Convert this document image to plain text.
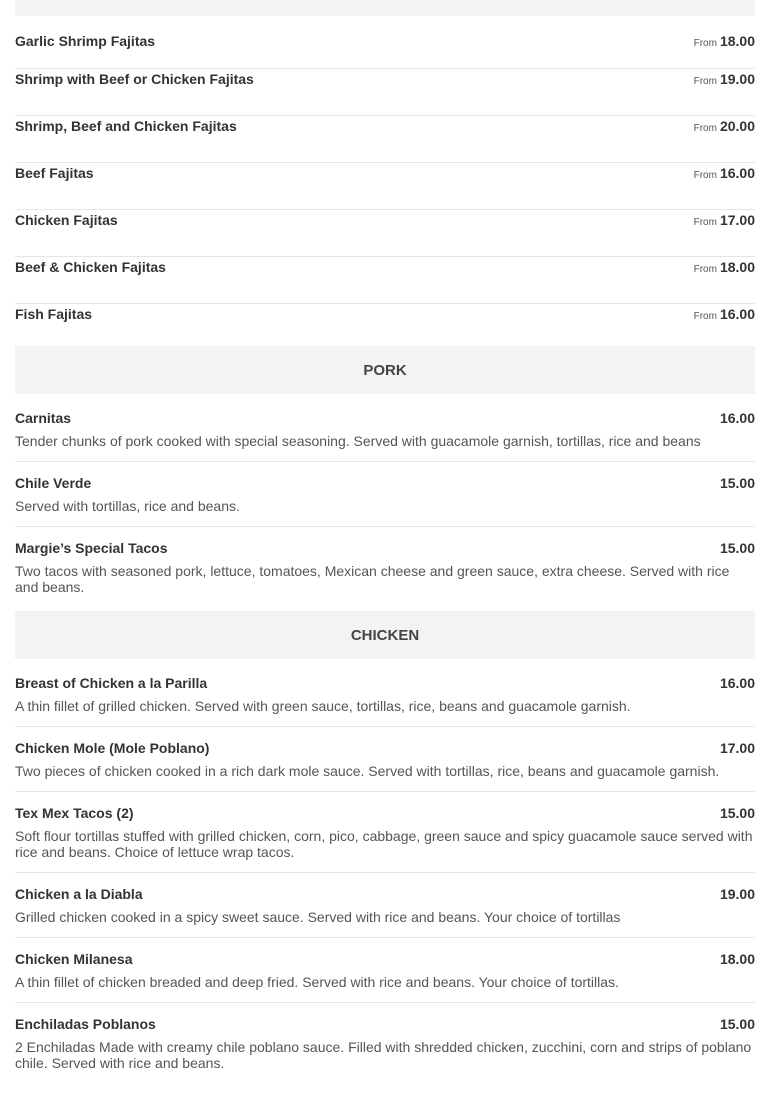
Garlic Shrimp Fajitas	From 18.00
Shrimp with Beef or Chicken Fajitas	From 19.00
Shrimp, Beef and Chicken Fajitas	From 20.00
Beef Fajitas	From 16.00
Chicken Fajitas	From 17.00
Beef & Chicken Fajitas	From 18.00
Fish Fajitas	From 16.00
PORK
Carnitas	16.00
Tender chunks of pork cooked with special seasoning. Served with guacamole garnish, tortillas, rice and beans
Chile Verde	15.00
Served with tortillas, rice and beans.
Margie’s Special Tacos	15.00
Two tacos with seasoned pork, lettuce, tomatoes, Mexican cheese and green sauce, extra cheese. Served with rice and beans.
CHICKEN
Breast of Chicken a la Parilla	16.00
A thin fillet of grilled chicken. Served with green sauce, tortillas, rice, beans and guacamole garnish.
Chicken Mole (Mole Poblano)	17.00
Two pieces of chicken cooked in a rich dark mole sauce. Served with tortillas, rice, beans and guacamole garnish.
Tex Mex Tacos (2)	15.00
Soft flour tortillas stuffed with grilled chicken, corn, pico, cabbage, green sauce and spicy guacamole sauce served with rice and beans. Choice of lettuce wrap tacos.
Chicken a la Diabla	19.00
Grilled chicken cooked in a spicy sweet sauce. Served with rice and beans. Your choice of tortillas
Chicken Milanesa	18.00
A thin fillet of chicken breaded and deep fried. Served with rice and beans. Your choice of tortillas.
Enchiladas Poblanos	15.00
2 Enchiladas Made with creamy chile poblano sauce. Filled with shredded chicken, zucchini, corn and strips of poblano chile. Served with rice and beans.
